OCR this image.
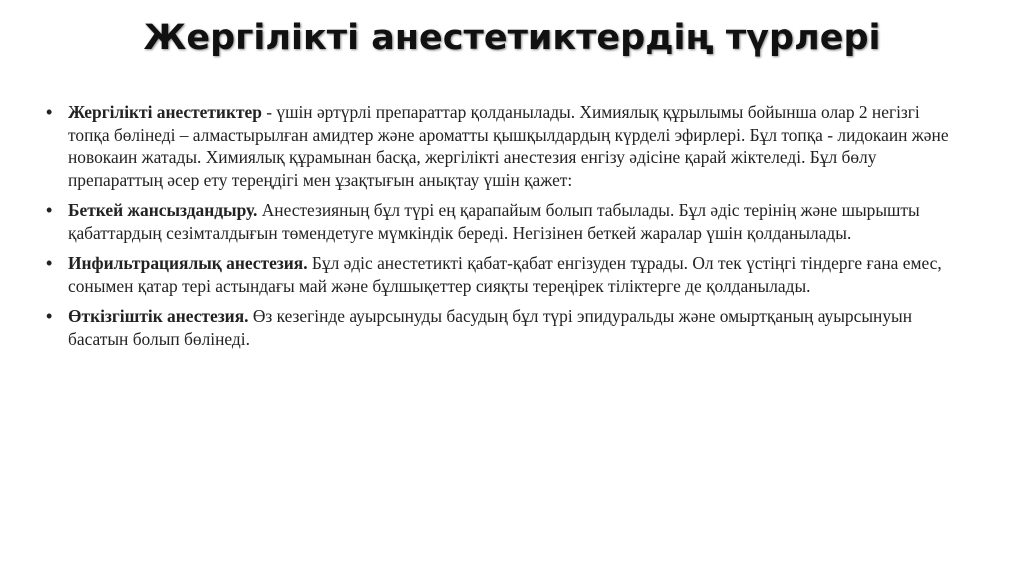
Жергілікті анестетиктердің түрлері
• Жергілікті анестетиктер - үшін әртүрлі препараттар қолданылады. Химиялық құрылымы бойынша олар 2 негізгі топқа бөлінеді – алмастырылған амидтер және ароматты қышқылдардың күрделі эфирлері. Бұл топқа - лидокаин және новокаин жатады. Химиялық құрамынан басқа, жергілікті анестезия енгізу әдісіне қарай жіктеледі. Бұл бөлу препараттың әсер ету тереңдігі мен ұзақтығын анықтау үшін қажет:
• Беткей жансыздандыру. Анестезияның бұл түрі ең қарапайым болып табылады. Бұл әдіс терінің және шырышты қабаттардың сезімталдығын төмендетуге мүмкіндік береді. Негізінен беткей жаралар үшін қолданылады.
• Инфильтрациялық анестезия. Бұл әдіс анестетикті қабат-қабат енгізуден тұрады. Ол тек үстіңгі тіндерге ғана емес, сонымен қатар тері астындағы май және бұлшықеттер сияқты тереңірек тіліктерге де қолданылады.
• Өткізгіштік анестезия. Өз кезегінде ауырсынуды басудың бұл түрі эпидуральды және омыртқаның ауырсынуын басатын болып бөлінеді.
